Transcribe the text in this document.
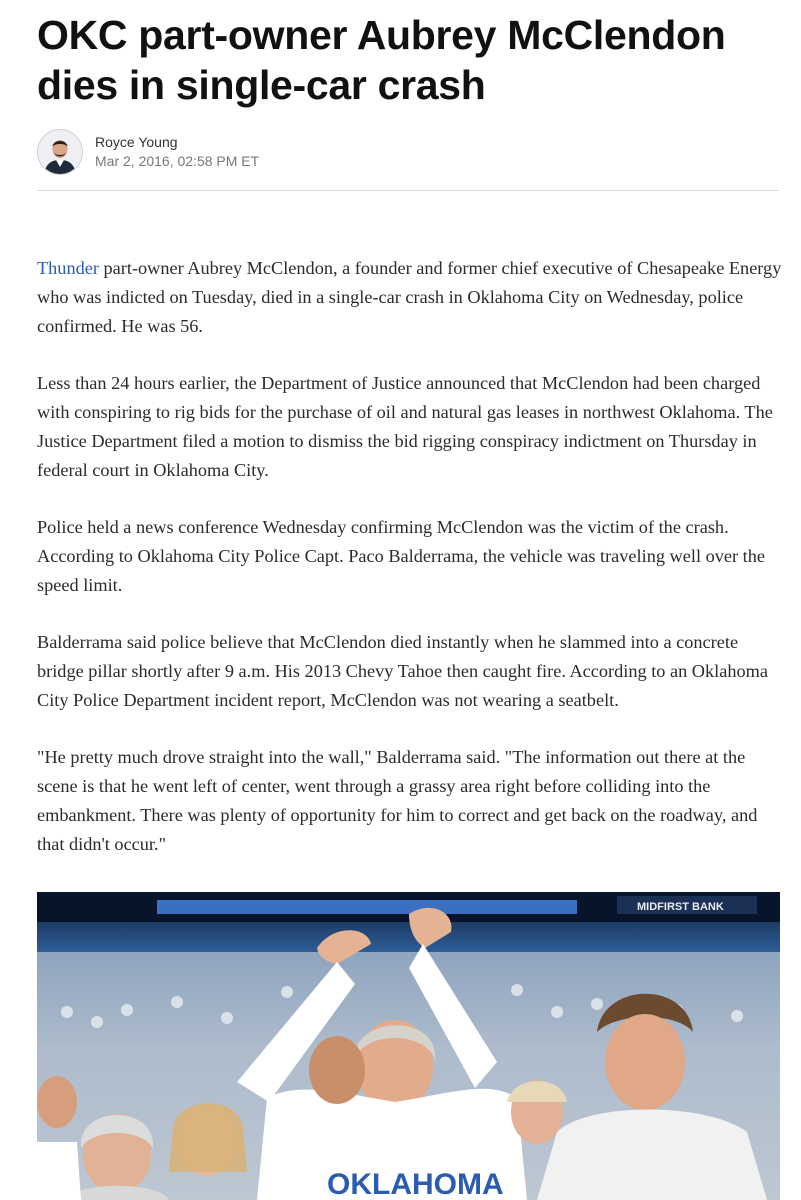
OKC part-owner Aubrey McClendon dies in single-car crash
Royce Young
Mar 2, 2016, 02:58 PM ET

Thunder part-owner Aubrey McClendon, a founder and former chief executive of Chesapeake Energy who was indicted on Tuesday, died in a single-car crash in Oklahoma City on Wednesday, police confirmed. He was 56.

Less than 24 hours earlier, the Department of Justice announced that McClendon had been charged with conspiring to rig bids for the purchase of oil and natural gas leases in northwest Oklahoma. The Justice Department filed a motion to dismiss the bid rigging conspiracy indictment on Thursday in federal court in Oklahoma City.

Police held a news conference Wednesday confirming McClendon was the victim of the crash. According to Oklahoma City Police Capt. Paco Balderrama, the vehicle was traveling well over the speed limit.

Balderrama said police believe that McClendon died instantly when he slammed into a concrete bridge pillar shortly after 9 a.m. His 2013 Chevy Tahoe then caught fire. According to an Oklahoma City Police Department incident report, McClendon was not wearing a seatbelt.

"He pretty much drove straight into the wall," Balderrama said. "The information out there at the scene is that he went left of center, went through a grassy area right before colliding into the embankment. There was plenty of opportunity for him to correct and get back on the roadway, and that didn't occur."

MIDFIRST BANK
OKLAHOMA
